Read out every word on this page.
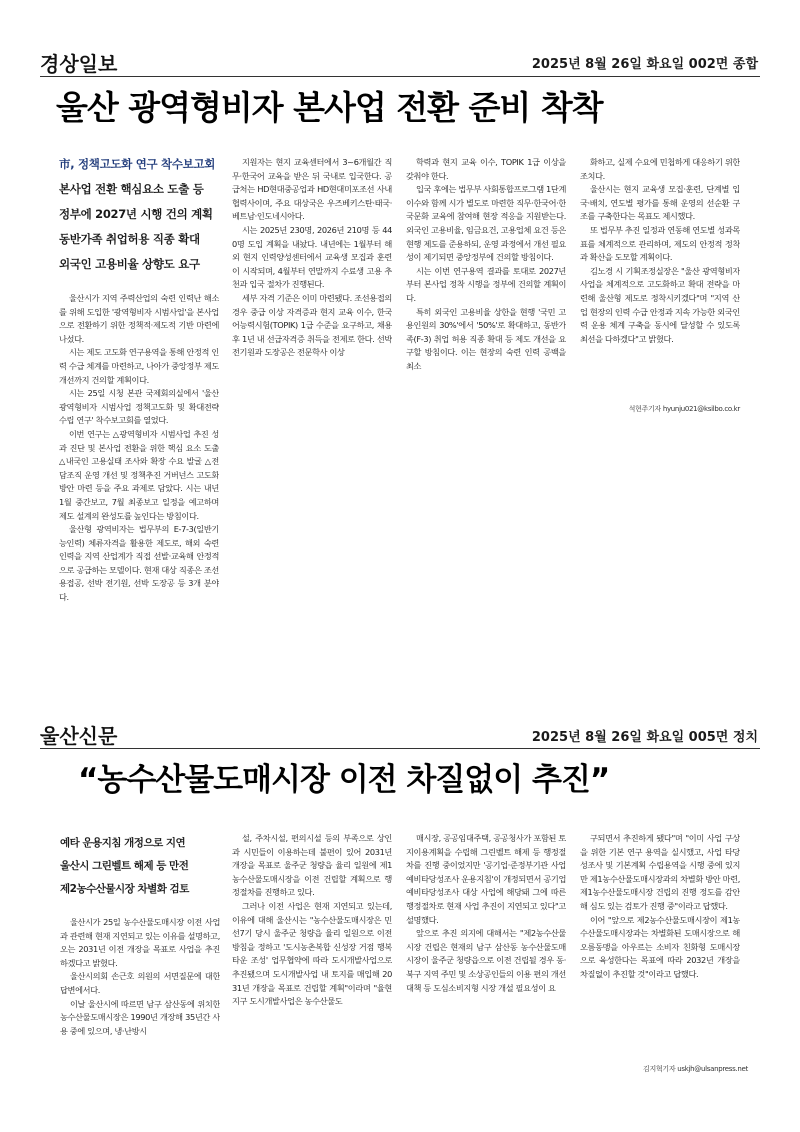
경상일보	2025년 8월 26일 화요일 002면 종합
울산 광역형비자 본사업 전환 준비 착착
市, 정책고도화 연구 착수보고회
본사업 전환 핵심요소 도출 등
정부에 2027년 시행 건의 계획
동반가족 취업허용 직종 확대
외국인 고용비율 상향도 요구

울산시가 지역 주력산업의 숙련 인력난 해소를 위해 도입한 '광역형비자 시범사업'을 본사업으로 전환하기 위한 정책적·제도적 기반 마련에 나섰다.

시는 제도 고도화 연구용역을 통해 안정적 인력 수급 체계를 마련하고, 나아가 중앙정부 제도 개선까지 건의할 계획이다.

시는 25일 시청 본관 국제회의실에서 '울산 광역형비자 시범사업 정책고도화 및 확대전략 수립 연구' 착수보고회를 열었다.

이번 연구는 △광역형비자 시범사업 추진 성과 진단 및 본사업 전환을 위한 핵심 요소 도출 △내국인 고용실태 조사와 확장 수요 발굴 △전담조직 운영 개선 및 정책추진 거버넌스 고도화 방안 마련 등을 주요 과제로 담았다. 시는 내년 1월 중간보고, 7월 최종보고 일정을 예고하며 제도 설계의 완성도를 높인다는 방침이다.

울산형 광역비자는 법무부의 E-7-3(일반기능인력) 체류자격을 활용한 제도로, 해외 숙련 인력을 지역 산업계가 직접 선발·교육해 안정적으로 공급하는 모델이다. 현재 대상 직종은 조선용접공, 선박 전기원, 선박 도장공 등 3개 분야다.

지원자는 현지 교육센터에서 3~6개월간 직무·한국어 교육을 받은 뒤 국내로 입국한다. 공급처는 HD현대중공업과 HD현대미포조선 사내 협력사이며, 주요 대상국은 우즈베키스탄·태국·베트남·인도네시아다.

시는 2025년 230명, 2026년 210명 등 440명 도입 계획을 내놨다. 내년에는 1월부터 해외 현지 인력양성센터에서 교육생 모집과 훈련이 시작되며, 4월부터 연말까지 수료생 고용 추천과 입국 절차가 진행된다.

세부 자격 기준은 이미 마련됐다. 조선용접의 경우 중급 이상 자격증과 현지 교육 이수, 한국어능력시험(TOPIK) 1급 수준을 요구하고, 채용 후 1년 내 선급자격증 취득을 전제로 한다. 선박 전기원과 도장공은 전문학사 이상

학력과 현지 교육 이수, TOPIK 1급 이상을 갖춰야 한다.

입국 후에는 법무부 사회통합프로그램 1단계 이수와 함께 시가 별도로 마련한 직무·한국어·한국문화 교육에 참여해 현장 적응을 지원받는다. 외국인 고용비율, 임금요건, 고용업체 요건 등은 현행 제도를 준용하되, 운영 과정에서 개선 필요성이 제기되면 중앙정부에 건의할 방침이다.

시는 이번 연구용역 결과를 토대로 2027년부터 본사업 정착 시행을 정부에 건의할 계획이다.

특히 외국인 고용비율 상한을 현행 '국민 고용인원의 30%'에서 '50%'로 확대하고, 동반가족(F-3) 취업 허용 직종 확대 등 제도 개선을 요구할 방침이다. 이는 현장의 숙련 인력 공백을 최소

화하고, 실제 수요에 민첩하게 대응하기 위한 조치다.

울산시는 현지 교육생 모집·훈련, 단계별 입국·배치, 연도별 평가를 통해 운영의 선순환 구조를 구축한다는 목표도 제시했다.

또 법무부 추진 일정과 연동해 연도별 성과목표를 체계적으로 관리하며, 제도의 안정적 정착과 확산을 도모할 계획이다.

김노경 시 기획조정실장은 "울산 광역형비자 사업을 체계적으로 고도화하고 확대 전략을 마련해 울산형 제도로 정착시키겠다"며 "지역 산업 현장의 인력 수급 안정과 지속 가능한 외국인력 운용 체계 구축을 동시에 달성할 수 있도록 최선을 다하겠다"고 밝혔다.

석현주기자 hyunju021@ksilbo.co.kr
울산신문	2025년 8월 26일 화요일 005면 정치
“농수산물도매시장 이전 차질없이 추진”
예타 운용지침 개정으로 지연
울산시 그린벨트 해제 등 만전
제2농수산물시장 차별화 검토

울산시가 25일 농수산물도매시장 이전 사업과 관련해 현재 지연되고 있는 이유를 설명하고, 오는 2031년 이전 개장을 목표로 사업을 추진하겠다고 밝혔다.

울산시의회 손근호 의원의 서면질문에 대한 답변에서다.

이날 울산시에 따르면 남구 삼산동에 위치한 농수산물도매시장은 1990년 개장해 35년간 사용 중에 있으며, 냉·난방시

설, 주차시설, 편의시설 등의 부족으로 상인과 시민들이 이용하는데 불편이 있어 2031년 개장을 목표로 울주군 청량읍 율리 일원에 제1농수산물도매시장을 이전 건립할 계획으로 행정절차를 진행하고 있다.

그러나 이전 사업은 현재 지연되고 있는데, 이유에 대해 울산시는 "농수산물도매시장은 민선7기 당시 울주군 청량읍 율리 일원으로 이전 방침을 정하고 '도시농촌복합 신성장 거점 행복타운 조성' 업무협약에 따라 도시개발사업으로 추진됐으며 도시개발사업 내 토지를 매입해 2031년 개장을 목표로 건립할 계획"이라며 "율현지구 도시개발사업은 농수산물도

매시장, 공공임대주택, 공공청사가 포함된 토지이용계획을 수립해 그린벨트 해제 등 행정절차를 진행 중이었지만 '공기업·준정부기관 사업 예비타당성조사 운용지침'이 개정되면서 공기업 예비타당성조사 대상 사업에 해당돼 그에 따른 행정절차로 현재 사업 추진이 지연되고 있다"고 설명했다.

앞으로 추진 의지에 대해서는 "제2농수산물시장 건립은 현재의 남구 삼산동 농수산물도매시장이 울주군 청량읍으로 이전 건립될 경우 동·북구 지역 주민 및 소상공인들의 이용 편의 개선 대책 등 도심소비지형 시장 개설 필요성이 요

구되면서 추진하게 됐다"며 "이미 사업 구상을 위한 기본 연구 용역을 실시했고, 사업 타당성조사 및 기본계획 수립용역을 시행 중에 있지만 제1농수산물도매시장과의 차별화 방안 마련, 제1농수산물도매시장 건립의 진행 정도를 감안해 심도 있는 검토가 진행 중"이라고 답했다.

이어 "앞으로 제2농수산물도매시장이 제1농수산물도매시장과는 차별화된 도매시장으로 해오름동맹을 아우르는 소비자 친화형 도매시장으로 육성한다는 목표에 따라 2032년 개장을 차질없이 추진할 것"이라고 답했다.

김지혁기자 uskjh@ulsanpress.net
